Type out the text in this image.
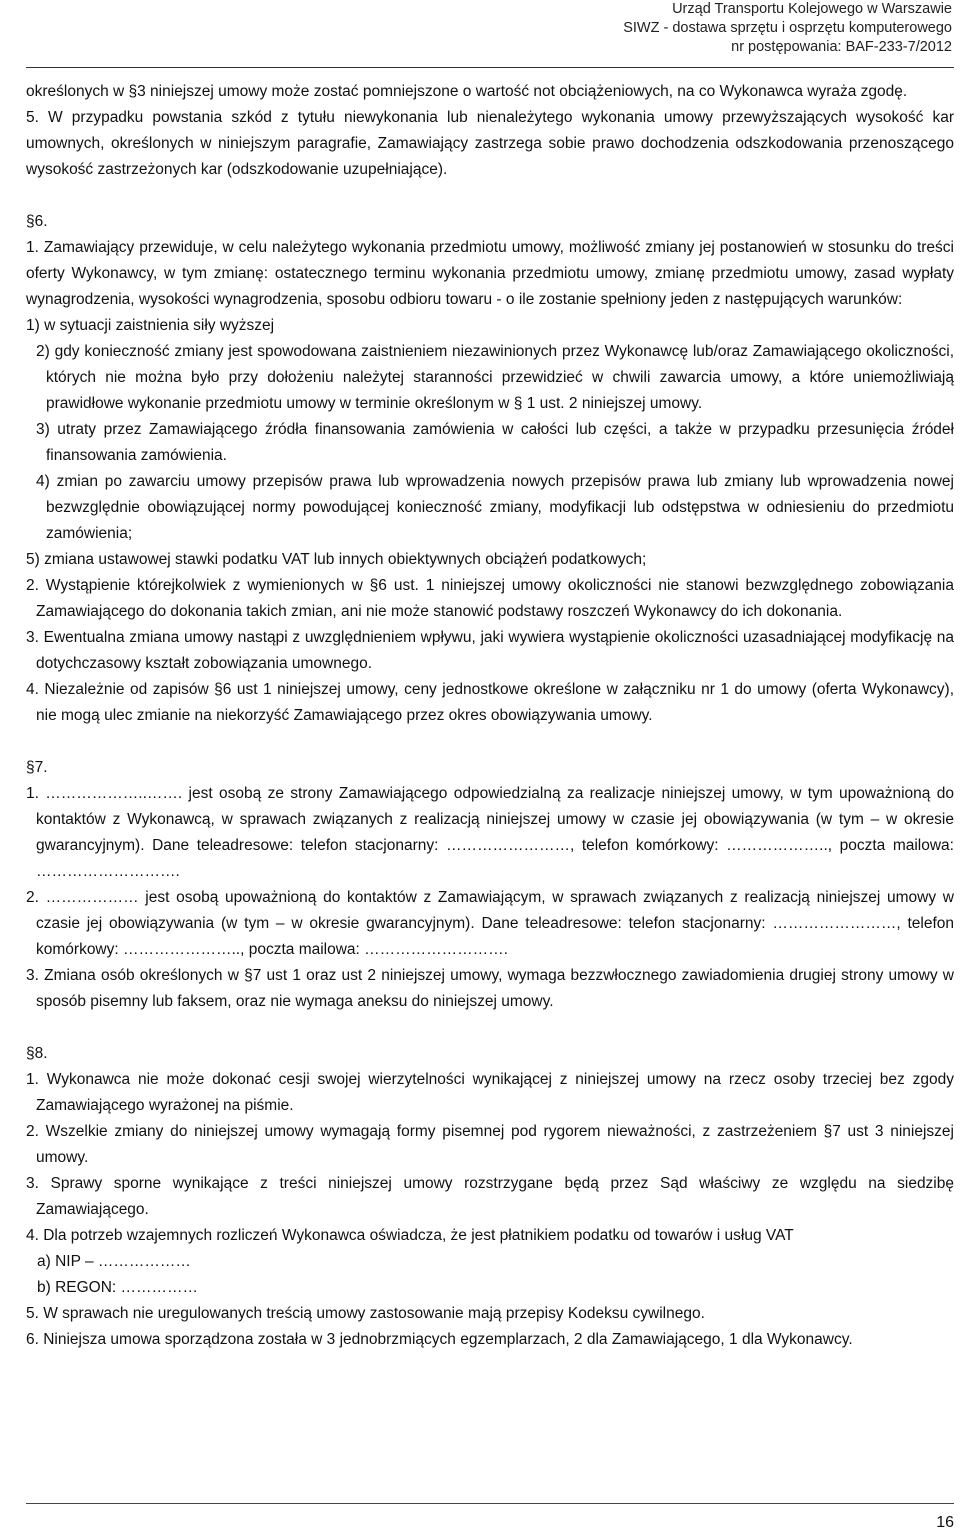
Urząd Transportu Kolejowego w Warszawie
SIWZ - dostawa sprzętu i osprzętu komputerowego
nr postępowania: BAF-233-7/2012

określonych w §3 niniejszej umowy może zostać pomniejszone o wartość not obciążeniowych, na co Wykonawca wyraża zgodę.

5. W przypadku powstania szkód z tytułu niewykonania lub nienależytego wykonania umowy przewyższających wysokość kar umownych, określonych w niniejszym paragrafie, Zamawiający zastrzega sobie prawo dochodzenia odszkodowania przenoszącego wysokość zastrzeżonych kar (odszkodowanie uzupełniające).

§6.

1. Zamawiający przewiduje, w celu należytego wykonania przedmiotu umowy, możliwość zmiany jej postanowień w stosunku do treści oferty Wykonawcy, w tym zmianę: ostatecznego terminu wykonania przedmiotu umowy, zmianę przedmiotu umowy, zasad wypłaty wynagrodzenia, wysokości wynagrodzenia, sposobu odbioru towaru - o ile zostanie spełniony jeden z następujących warunków:

1) w sytuacji zaistnienia siły wyższej

2) gdy konieczność zmiany jest spowodowana zaistnieniem niezawinionych przez Wykonawcę lub/oraz Zamawiającego okoliczności, których nie można było przy dołożeniu należytej staranności przewidzieć w chwili zawarcia umowy, a które uniemożliwiają prawidłowe wykonanie przedmiotu umowy w terminie określonym w § 1 ust. 2 niniejszej umowy.

3) utraty przez Zamawiającego źródła finansowania zamówienia w całości lub części, a także w przypadku przesunięcia źródeł finansowania zamówienia.

4) zmian po zawarciu umowy przepisów prawa lub wprowadzenia nowych przepisów prawa lub zmiany lub wprowadzenia nowej bezwzględnie obowiązującej normy powodującej konieczność zmiany, modyfikacji lub odstępstwa w odniesieniu do przedmiotu zamówienia;

5) zmiana ustawowej stawki podatku VAT lub innych obiektywnych obciążeń podatkowych;

2. Wystąpienie którejkolwiek z wymienionych w §6 ust. 1 niniejszej umowy okoliczności nie stanowi bezwzględnego zobowiązania Zamawiającego do dokonania takich zmian, ani nie może stanowić podstawy roszczeń Wykonawcy do ich dokonania.

3. Ewentualna zmiana umowy nastąpi z uwzględnieniem wpływu, jaki wywiera wystąpienie okoliczności uzasadniającej modyfikację na dotychczasowy kształt zobowiązania umownego.

4. Niezależnie od zapisów §6 ust 1 niniejszej umowy, ceny jednostkowe określone w załączniku nr 1 do umowy (oferta Wykonawcy), nie mogą ulec zmianie na niekorzyść Zamawiającego przez okres obowiązywania umowy.

§7.

1. ………………..……. jest osobą ze strony Zamawiającego odpowiedzialną za realizacje niniejszej umowy, w tym upoważnioną do kontaktów z Wykonawcą, w sprawach związanych z realizacją niniejszej umowy w czasie jej obowiązywania (w tym – w okresie gwarancyjnym). Dane teleadresowe: telefon stacjonarny: ……………………, telefon komórkowy: ……………….., poczta mailowa: ……………………….

2. ……………… jest osobą upoważnioną do kontaktów z Zamawiającym, w sprawach związanych z realizacją niniejszej umowy w czasie jej obowiązywania (w tym – w okresie gwarancyjnym). Dane teleadresowe: telefon stacjonarny: ……………………, telefon komórkowy: ………………….., poczta mailowa: ……………………….

3. Zmiana osób określonych w §7 ust 1 oraz ust 2 niniejszej umowy, wymaga bezzwłocznego zawiadomienia drugiej strony umowy w sposób pisemny lub faksem, oraz nie wymaga aneksu do niniejszej umowy.

§8.

1. Wykonawca nie może dokonać cesji swojej wierzytelności wynikającej z niniejszej umowy na rzecz osoby trzeciej bez zgody Zamawiającego wyrażonej na piśmie.

2. Wszelkie zmiany do niniejszej umowy wymagają formy pisemnej pod rygorem nieważności, z zastrzeżeniem §7 ust 3 niniejszej umowy.

3. Sprawy sporne wynikające z treści niniejszej umowy rozstrzygane będą przez Sąd właściwy ze względu na siedzibę Zamawiającego.

4. Dla potrzeb wzajemnych rozliczeń Wykonawca oświadcza, że jest płatnikiem podatku od towarów i usług VAT

a) NIP – ………………

b) REGON: ……………

5. W sprawach nie uregulowanych treścią umowy zastosowanie mają przepisy Kodeksu cywilnego.

6. Niniejsza umowa sporządzona została w 3 jednobrzmiących egzemplarzach, 2 dla Zamawiającego, 1 dla Wykonawcy.

16
